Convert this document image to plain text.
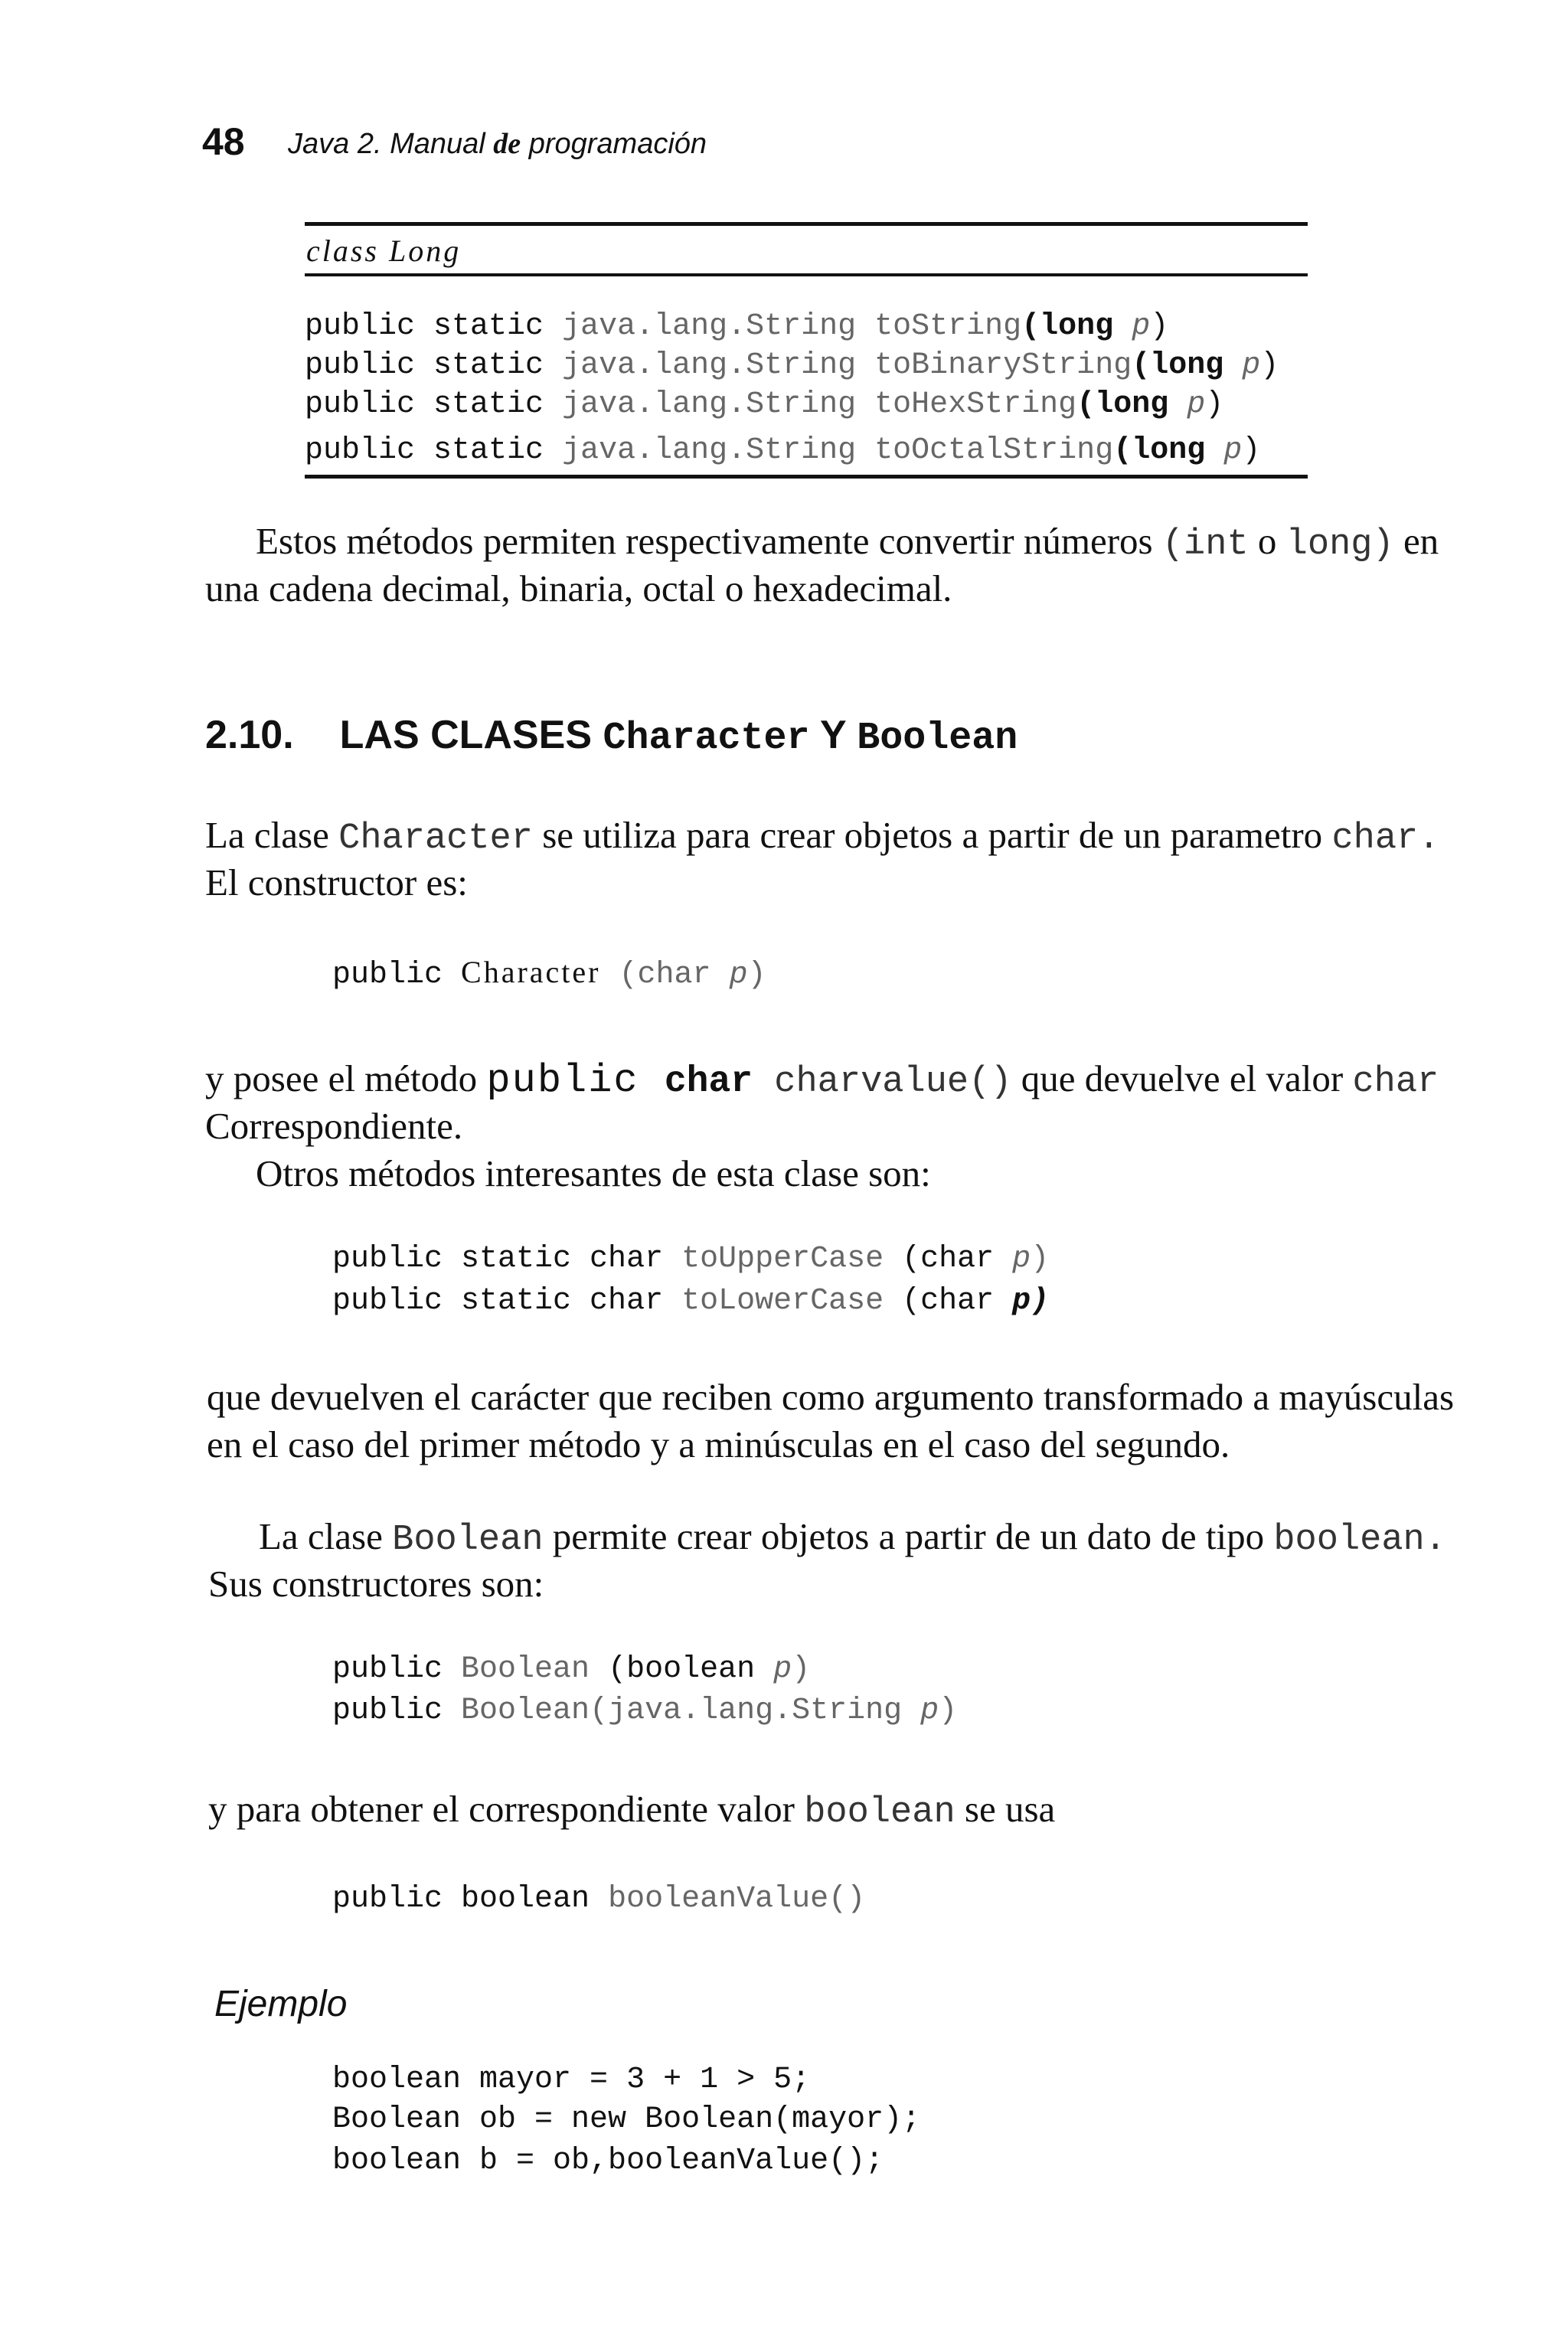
48 Java 2. Manual de programación
class Long
public static java.lang.String toString(long p)
public static java.lang.String toBinaryString(long p)
public static java.lang.String toHexString(long p)
public static java.lang.String toOctalString(long p)
Estos métodos permiten respectivamente convertir números (int o long) en
una cadena decimal, binaria, octal o hexadecimal.
2.10. LAS CLASES Character Y Boolean
La clase Character se utiliza para crear objetos a partir de un parametro char.
El constructor es:
public Character (char p)
y posee el método public char charvalue() que devuelve el valor char
Correspondiente.
Otros métodos interesantes de esta clase son:
public static char toUpperCase (char p)
public static char toLowerCase (char p)
que devuelven el carácter que reciben como argumento transformado a mayúsculas
en el caso del primer método y a minúsculas en el caso del segundo.
La clase Boolean permite crear objetos a partir de un dato de tipo boolean.
Sus constructores son:
public Boolean (boolean p)
public Boolean(java.lang.String p)
y para obtener el correspondiente valor boolean se usa
public boolean booleanValue()
Ejemplo
boolean mayor = 3 + 1 > 5;
Boolean ob = new Boolean(mayor);
boolean b = ob,booleanValue();
